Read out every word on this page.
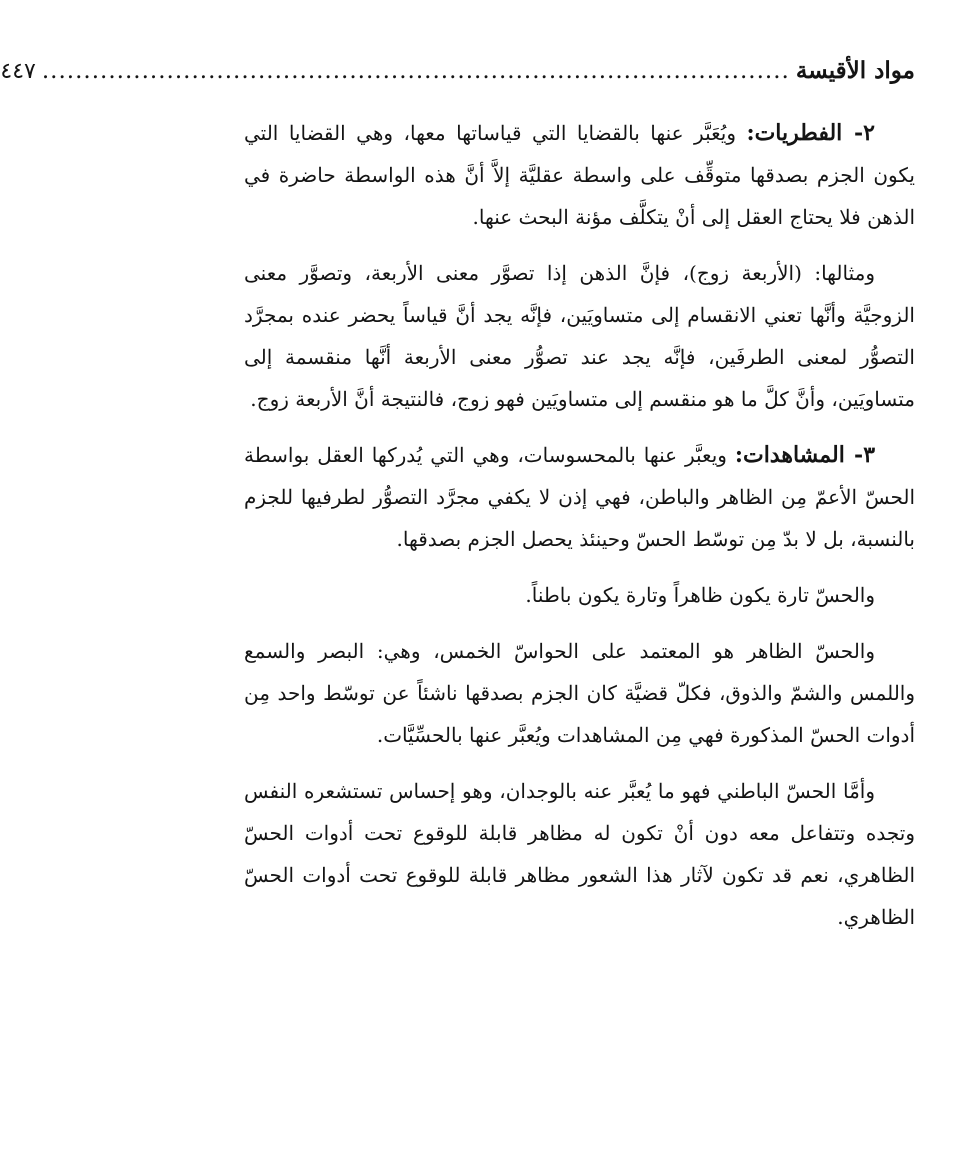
مواد الأقيسة
..........................................................................................
٤٤٧

٢- الفطريات: ويُعَبَّر عنها بالقضايا التي قياساتها معها، وهي القضايا التي يكون الجزم بصدقها متوقِّف على واسطة عقليَّة إلاَّ أنَّ هذه الواسطة حاضرة في الذهن فلا يحتاج العقل إلى أنْ يتكلَّف مؤنة البحث عنها.

ومثالها: (الأربعة زوج)، فإنَّ الذهن إذا تصوَّر معنى الأربعة، وتصوَّر معنى الزوجيَّة وأنَّها تعني الانقسام إلى متساويَين، فإنَّه يجد أنَّ قياساً يحضر عنده بمجرَّد التصوُّر لمعنى الطرفَين، فإنَّه يجد عند تصوُّر معنى الأربعة أنَّها منقسمة إلى متساويَين، وأنَّ كلَّ ما هو منقسم إلى متساويَين فهو زوج، فالنتيجة أنَّ الأربعة زوج.

٣- المشاهدات: ويعبَّر عنها بالمحسوسات، وهي التي يُدركها العقل بواسطة الحسّ الأعمّ مِن الظاهر والباطن، فهي إذن لا يكفي مجرَّد التصوُّر لطرفيها للجزم بالنسبة، بل لا بدّ مِن توسّط الحسّ وحينئذ يحصل الجزم بصدقها.

والحسّ تارة يكون ظاهراً وتارة يكون باطناً.

والحسّ الظاهر هو المعتمد على الحواسّ الخمس، وهي: البصر والسمع واللمس والشمّ والذوق، فكلّ قضيَّة كان الجزم بصدقها ناشئاً عن توسّط واحد مِن أدوات الحسّ المذكورة فهي مِن المشاهدات ويُعبَّر عنها بالحسِّيَّات.

وأمَّا الحسّ الباطني فهو ما يُعبَّر عنه بالوجدان، وهو إحساس تستشعره النفس وتجده وتتفاعل معه دون أنْ تكون له مظاهر قابلة للوقوع تحت أدوات الحسّ الظاهري، نعم قد تكون لآثار هذا الشعور مظاهر قابلة للوقوع تحت أدوات الحسّ الظاهري.
